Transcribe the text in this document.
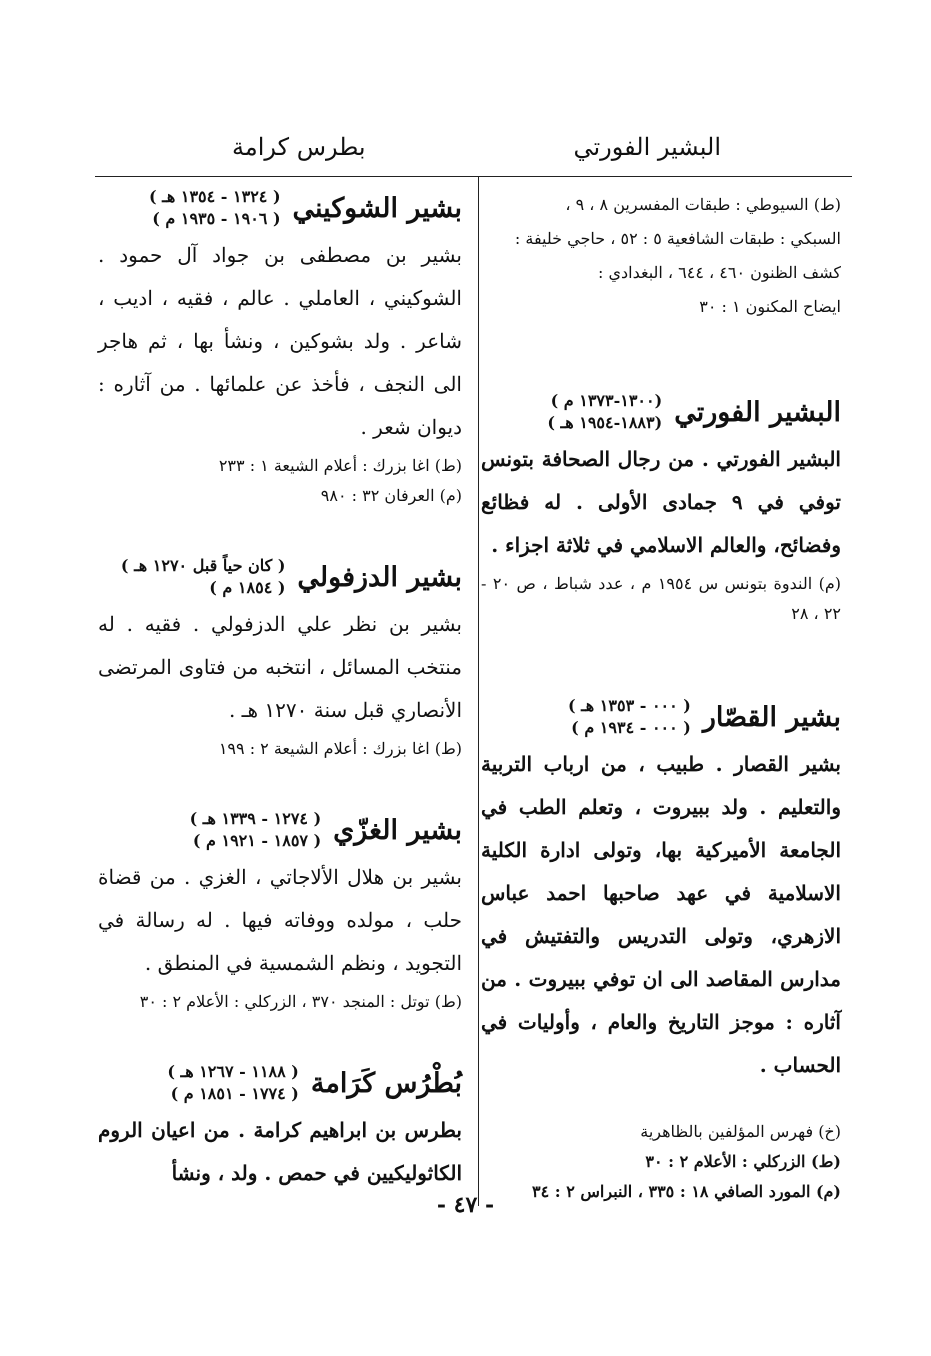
البشير الفورتي
بطرس كرامة

(ط) السيوطي : طبقات المفسرين ٨ ، ٩ ،

السبكي : طبقات الشافعية ٥ : ٥٢ ، حاجي خليفة :

كشف الظنون ٤٦٠ ، ٦٤٤ ، البغدادي :

ايضاح المكنون ١ : ٣٠

البشير الفورتي
(١٣٠٠-١٣٧٣ م )
(١٨٨٣-١٩٥٤ هـ )

البشير الفورتي . من رجال الصحافة بتونس توفي في ٩ جمادى الأولى . له فظائع وفضائح، والعالم الاسلامي في ثلاثة اجزاء .

(م) الندوة بتونس س ١٩٥٤ م ، عدد شباط ، ص ٢٠ - ٢٢ ، ٢٨

بشير القصّار
( ٠٠٠ - ١٣٥٣ هـ )
( ٠٠٠ - ١٩٣٤ م )

بشير القصار . طبيب ، من ارباب التربية والتعليم . ولد ببيروت ، وتعلم الطب في الجامعة الأميركية بها، وتولى ادارة الكلية الاسلامية في عهد صاحبها احمد عباس الازهري، وتولى التدريس والتفتيش في مدارس المقاصد الى ان توفي ببيروت . من آثاره : موجز التاريخ والعام ، وأوليات في الحساب .

(خ) فهرس المؤلفين بالظاهرية

(ط) الزركلي : الأعلام ٢ : ٣٠

(م) المورد الصافي ١٨ : ٣٣٥ ، النبراس ٢ : ٣٤

بشير الشوكيني
( ١٣٢٤ - ١٣٥٤ هـ )
( ١٩٠٦ - ١٩٣٥ م )

بشير بن مصطفى بن جواد آل حمود . الشوكيني ، العاملي . عالم ، فقيه ، اديب ، شاعر . ولد بشوكين ، ونشأ بها ، ثم هاجر الى النجف ، فأخذ عن علمائها . من آثاره : ديوان شعر .

(ط) اغا بزرك : أعلام الشيعة ١ : ٢٣٣

(م) العرفان ٣٢ : ٩٨٠

بشير الدزفولي
( كان حياً قبل ١٢٧٠ هـ )
( ١٨٥٤ م )

بشير بن نظر علي الدزفولي . فقيه . له منتخب المسائل ، انتخبه من فتاوى المرتضى الأنصاري قبل سنة ١٢٧٠ هـ .

(ط) اغا بزرك : أعلام الشيعة ٢ : ١٩٩

بشير الغزّي
( ١٢٧٤ - ١٣٣٩ هـ )
( ١٨٥٧ - ١٩٢١ م )

بشير بن هلال الألاجاتي ، الغزي . من قضاة حلب ، مولده ووفاته فيها . له رسالة في التجويد ، ونظم الشمسية في المنطق .

(ط) توتل : المنجد ٣٧٠ ، الزركلي : الأعلام ٢ : ٣٠

بُطْرُس كَرَامة
( ١١٨٨ - ١٢٦٧ هـ )
( ١٧٧٤ - ١٨٥١ م )

بطرس بن ابراهيم كرامة . من اعيان الروم الكاثوليكيين في حمص . ولد ، ونشأ

- ٤٧ -
